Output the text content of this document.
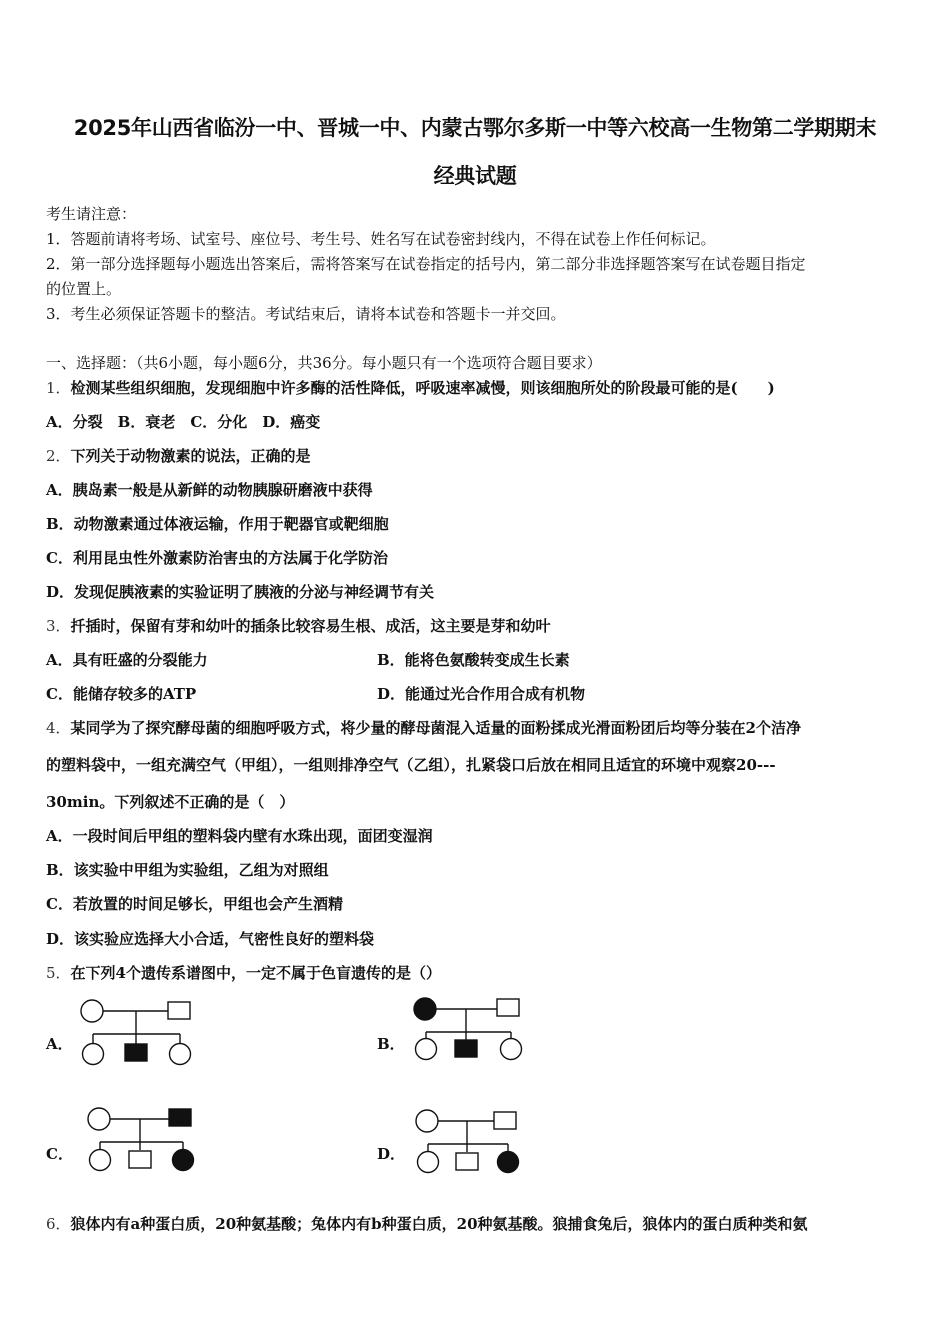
2025年山西省临汾一中、晋城一中、内蒙古鄂尔多斯一中等六校高一生物第二学期期末
经典试题
考生请注意：
1．答题前请将考场、试室号、座位号、考生号、姓名写在试卷密封线内，不得在试卷上作任何标记。
2．第一部分选择题每小题选出答案后，需将答案写在试卷指定的括号内，第二部分非选择题答案写在试卷题目指定
的位置上。
3．考生必须保证答题卡的整洁。考试结束后，请将本试卷和答题卡一并交回。
一、选择题：（共6小题，每小题6分，共36分。每小题只有一个选项符合题目要求）
1．检测某些组织细胞，发现细胞中许多酶的活性降低，呼吸速率减慢，则该细胞所处的阶段最可能的是(　　)
A．分裂　B．衰老　C．分化　D．癌变
2．下列关于动物激素的说法，正确的是
A．胰岛素一般是从新鲜的动物胰腺研磨液中获得
B．动物激素通过体液运输，作用于靶器官或靶细胞
C．利用昆虫性外激素防治害虫的方法属于化学防治
D．发现促胰液素的实验证明了胰液的分泌与神经调节有关
3．扦插时，保留有芽和幼叶的插条比较容易生根、成活，这主要是芽和幼叶
A．具有旺盛的分裂能力	B．能将色氨酸转变成生长素
C．能储存较多的ATP	D．能通过光合作用合成有机物
4．某同学为了探究酵母菌的细胞呼吸方式，将少量的酵母菌混入适量的面粉揉成光滑面粉团后均等分装在2个洁净
的塑料袋中，一组充满空气（甲组），一组则排净空气（乙组），扎紧袋口后放在相同且适宜的环境中观察20---
30min。下列叙述不正确的是（　）
A．一段时间后甲组的塑料袋内壁有水珠出现，面团变湿润
B．该实验中甲组为实验组，乙组为对照组
C．若放置的时间足够长，甲组也会产生酒精
D．该实验应选择大小合适，气密性良好的塑料袋
5．在下列4个遗传系谱图中，一定不属于色盲遗传的是（）
A．	B．
C．	D．
6．狼体内有a种蛋白质，20种氨基酸；兔体内有b种蛋白质，20种氨基酸。狼捕食兔后，狼体内的蛋白质种类和氨
